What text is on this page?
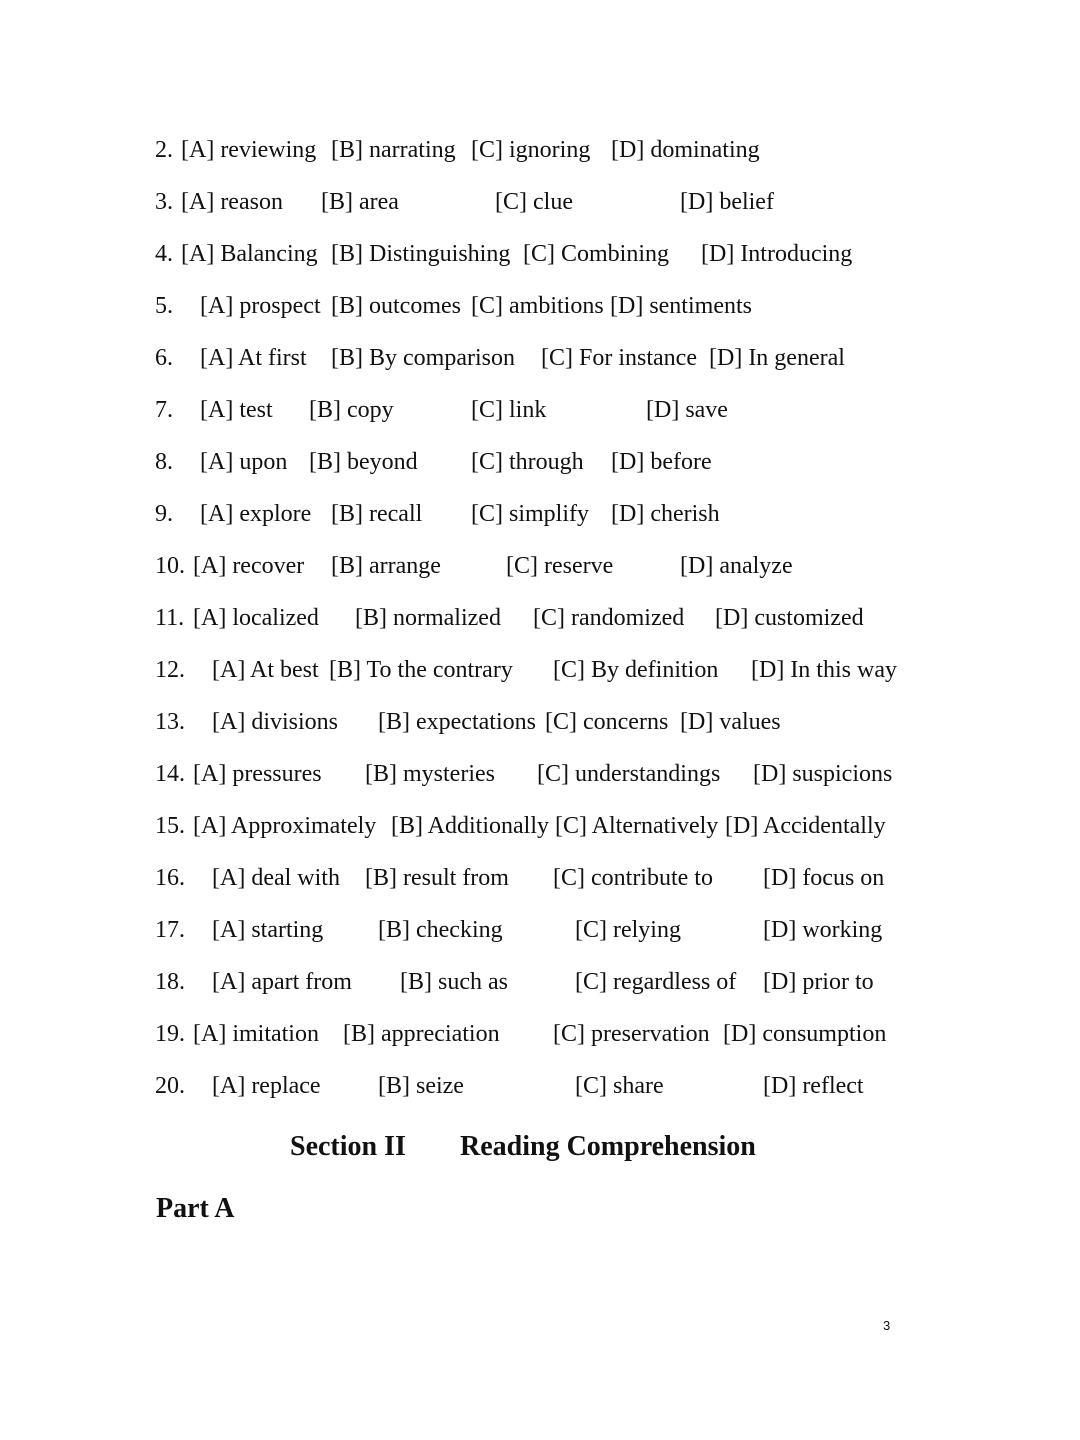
2. [A] reviewing [B] narrating [C] ignoring [D] dominating
3. [A] reason [B] area	[C] clue	[D] belief
4. [A] Balancing [B] Distinguishing [C] Combining [D] Introducing
5. [A] prospect [B] outcomes [C] ambitions [D] sentiments
6. [A] At first [B] By comparison [C] For instance [D] In general
7. [A] test [B] copy	[C] link	[D] save
8. [A] upon [B] beyond [C] through [D] before
9. [A] explore [B] recall [C] simplify [D] cherish
10. [A] recover [B] arrange	[C] reserve	[D] analyze
11. [A] localized [B] normalized [C] randomized [D] customized
12. [A] At best [B] To the contrary [C] By definition [D] In this way
13. [A] divisions [B] expectations [C] concerns [D] values
14. [A] pressures [B] mysteries [C] understandings [D] suspicions
15. [A] Approximately [B] Additionally [C] Alternatively [D] Accidentally
16. [A] deal with [B] result from [C] contribute to [D] focus on
17. [A] starting [B] checking	[C] relying	[D] working
18. [A] apart from [B] such as	[C] regardless of [D] prior to
19. [A] imitation [B] appreciation [C] preservation [D] consumption
20. [A] replace [B] seize	[C] share	[D] reflect
Section II Reading Comprehension
Part A
3
